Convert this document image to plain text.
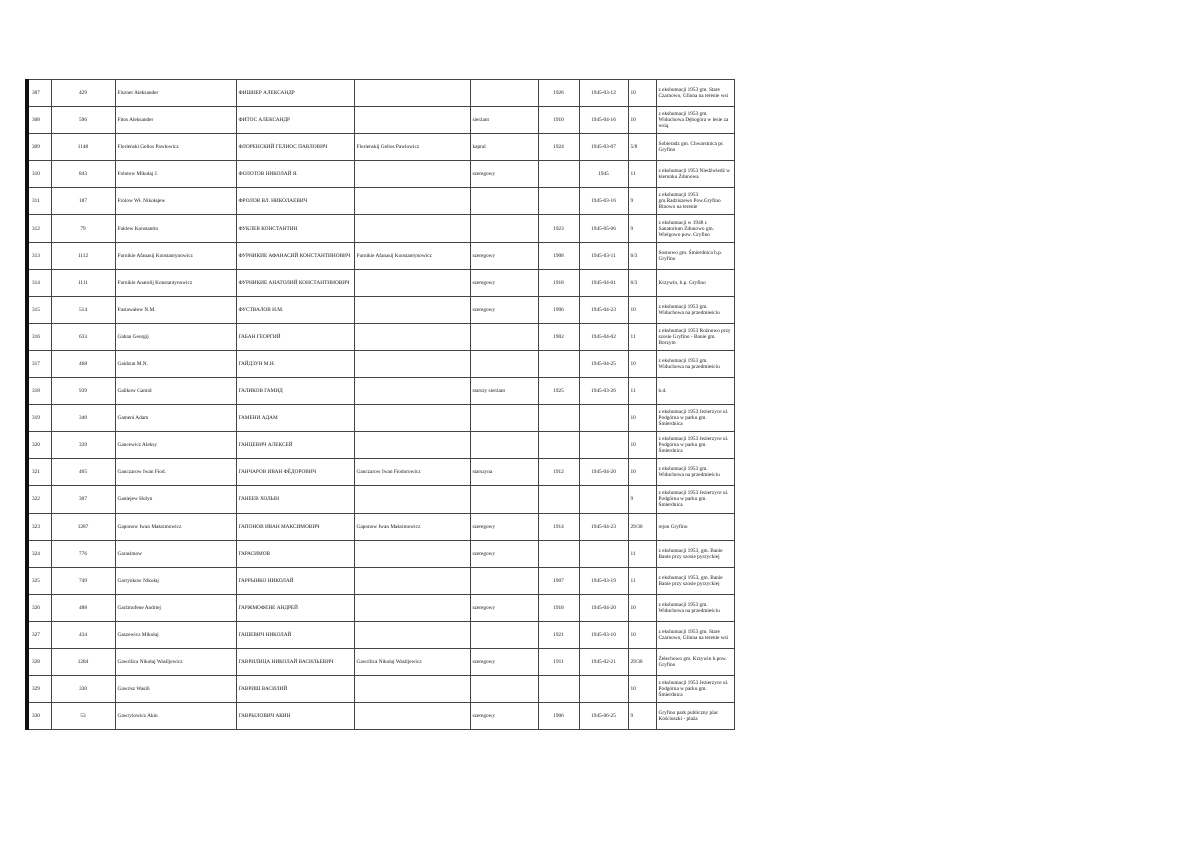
307	429	Fiszner Aleksander	ФИШНЕР АЛЕКСАНДР			1926	1945-03-12	10	z ekshumacji 1953 gm. Stare Czarnowo, Glinna na terenie wsi
308	596	Fitos Aleksander	ФИТОС АЛЕКСАНДР		sierżant	1910	1945-04-16	10	z ekshumacji 1953 gm. Widuchowa Dębogóra w lesie za wsią
309	1148	Florieński Gelios Pawłowicz	ФЛОРЕНСКИЙ ГЕЛИОС ПАВЛОВИЧ	Florienskij Gelios Pawlowicz	kapral	1924	1945-03-07	5/8	Sobieradz gm. Chwarstnica pr. Gryfino
310	843	Folotow Mikołaj J.	ФОЛОТОВ НИКОЛАЙ Я.		szeregowy		1945	11	z ekshumacji 1953 Niedźwiedź w kierunku Żdunowa
311	187	Frolow Wł. Nikołajew	ФРОЛОВ ВЛ. НИКОЛАЕВИЧ				1945-03-16	9	z ekshumacji 1953 gm.Radziszewo Pow.Gryfino Binowo na terenie
312	79	Fuklew Konstantin	ФУКЛЕВ КОНСТАНТИН			1923	1945-05-06	9	z ekshumacji w 1948 r. Sanatorium Żdunowo gm. Wielgowo pow. Gryfino
313	1112	Furnikie Afanasij Konstantynowicz	ФУРНИКИЕ АФАНАСИЙ КОНСТАНТИНОВИЧ	Furnikie Afanasij Konstantynowicz	szeregowy	1908	1945-03-11	6/3	Sosnowo gm. Śmierdnica b.p. Gryfino
314	1111	Furnikie Anatolij Konstantynowicz	ФУРНИКИЕ АНАТОЛИЙ КОНСТАНТИНОВИЧ		szeregowy	1918	1945-04-01	6/3	Krzywin, b.p. Gryfino
315	514	Fustawałow N.M.	ФУСТВАЛОВ Н.М.		szeregowy	1906	1945-04-23	10	z ekshumacji 1953 gm. Widuchowa na przedmieściu
316	633	Gaban Georgij	ГАБАН ГЕОРГИЙ			1902	1945-04-02	11	z ekshumacji 1953 Rożnowo przy szosie Gryfino - Banie gm. Borzym
317	468	Gaidzun M.N.	ГАЙДЗУН М.Н.				1945-04-25	10	z ekshumacji 1953 gm. Widuchowa na przedmieściu
318	939	Galikow Gamid	ГАЛИКОВ ГАМИД		starszy sierżant	1925	1945-03-26	11	b.d.
319	340	Gameni Adam	ГАМЕНИ АДАМ					10	z ekshumacji 1953 Jezierzyce ul. Podgórna w parku gm. Śmierdnica
320	339	Gancewicz Aleksy	ГАНЦЕВИЧ АЛЕКСЕЙ					10	z ekshumacji 1953 Jezierzyce ul. Podgórna w parku gm. Śmierdnica
321	465	Ganczarow Iwan Fiod.	ГАНЧАРОВ ИВАН ФЁДОРОВИЧ	Ganczarow Iwan Fiodorowicz	starszyna	1912	1945-04-20	10	z ekshumacji 1953 gm. Widuchowa na przedmieściu
322	307	Ganiejew Holyn	ГАНЕЕВ ХОЛЫН					9	z ekshumacji 1953 Jezierzyce ul. Podgórna w parku gm. Śmierdnica
323	1287	Gaponow Iwan Maksimowicz	ГАПОНОВ ИВАН МАКСИМОВИЧ	Gaponow Iwan Maksimowicz	szeregowy	1914	1945-04-23	29/30	rejon Gryfino
324	776	Garasimow	ГАРАСИМОВ		szeregowy			11	z ekshumacji 1953, gm. Banie Banie przy szosie pyrzyckiej
325	749	Garrynkow Nikołaj	ГАРРЫНКО НИКОЛАЙ			1907	1945-03-19	11	z ekshumacji 1953, gm. Banie Banie przy szosie pyrzyckiej
326	488	Garżmofene Andriej	ГАРЖМОФЕНЕ АНДРЕЙ		szeregowy	1918	1945-04-20	10	z ekshumacji 1953 gm. Widuchowa na przedmieściu
327	434	Gaszewicz Mikołaj	ГАШЕВИЧ НИКОЛАЙ			1921	1945-03-10	10	z ekshumacji 1953 gm. Stare Czarnowo, Glinna na terenie wsi
328	1284	Gawrilica Nikołaj Wasiljewicz	ГАВРИЛИЦА НИКОЛАЙ ВАСИЛЬЕВИЧ	Gawrilica Nikołaj Wasiljewicz	szeregowy	1911	1945-02-21	29/30	Żelechowo gm. Krzywin b.pow. Gryfino
329	330	Gawrisz Wasili	ГАВРИШ ВАСИЛИЙ					10	z ekshumacji 1953 Jezierzyce ul. Podgórna w parku gm. Śmierdnica
330	53	Gawrylowicz Akin	ГАВРЫЛОВИЧ АКИН		szeregowy	1906	1945-06-25	9	Gryfino park publiczny plac Kościuszki - plaża
